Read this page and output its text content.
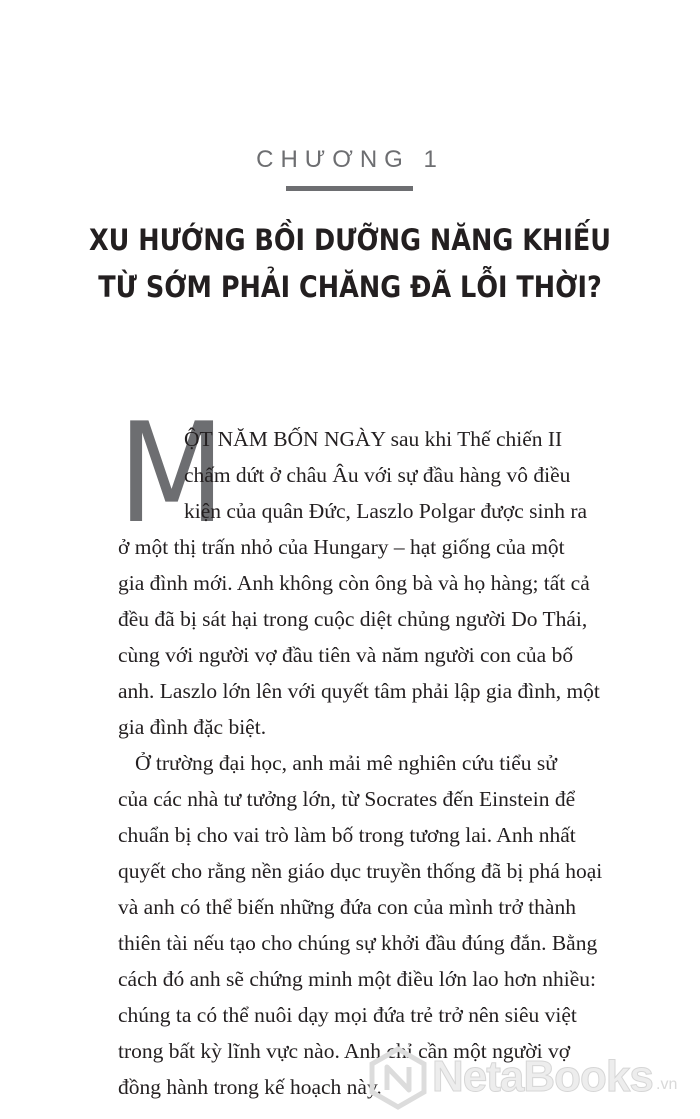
CHƯƠNG 1
XU HƯỚNG BỒI DƯỠNG NĂNG KHIẾU
TỪ SỚM PHẢI CHĂNG ĐÃ LỖI THỜI?
M
ỘT NĂM BỐN NGÀY sau khi Thế chiến II
chấm dứt ở châu Âu với sự đầu hàng vô điều
kiện của quân Đức, Laszlo Polgar được sinh ra
ở một thị trấn nhỏ của Hungary – hạt giống của một
gia đình mới. Anh không còn ông bà và họ hàng; tất cả
đều đã bị sát hại trong cuộc diệt chủng người Do Thái,
cùng với người vợ đầu tiên và năm người con của bố
anh. Laszlo lớn lên với quyết tâm phải lập gia đình, một
gia đình đặc biệt.
Ở trường đại học, anh mải mê nghiên cứu tiểu sử
của các nhà tư tưởng lớn, từ Socrates đến Einstein để
chuẩn bị cho vai trò làm bố trong tương lai. Anh nhất
quyết cho rằng nền giáo dục truyền thống đã bị phá hoại
và anh có thể biến những đứa con của mình trở thành
thiên tài nếu tạo cho chúng sự khởi đầu đúng đắn. Bằng
cách đó anh sẽ chứng minh một điều lớn lao hơn nhiều:
chúng ta có thể nuôi dạy mọi đứa trẻ trở nên siêu việt
trong bất kỳ lĩnh vực nào. Anh chỉ cần một người vợ
đồng hành trong kế hoạch này. NetaBooks .vn
